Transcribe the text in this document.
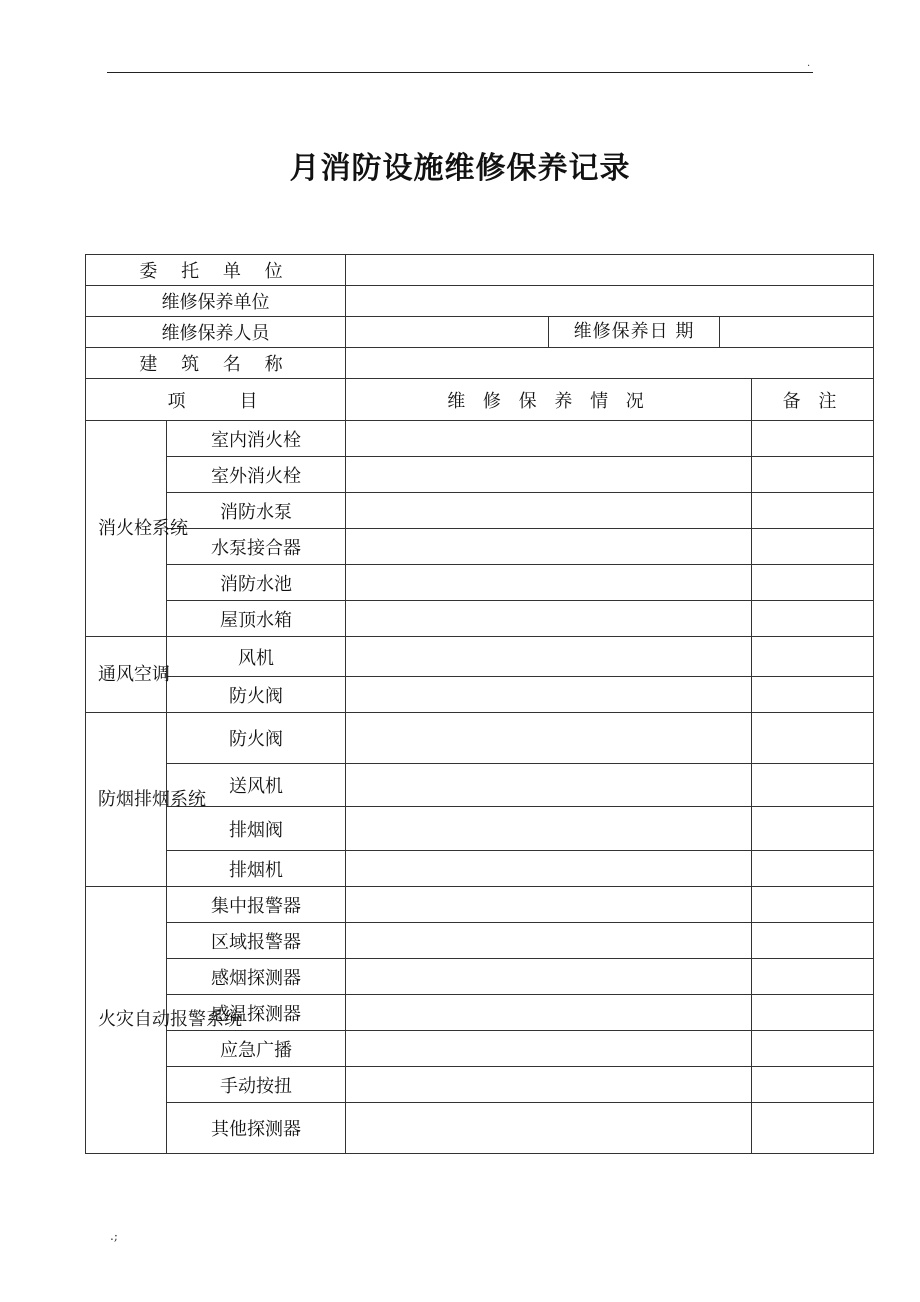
.
月消防设施维修保养记录
委 托 单 位			
维修保养单位			
维修保养人员		维修保养日 期	

建 筑 名 称			
项　　目		维 修 保 养 情 况	备 注
消火栓系统	室内消火栓		
	室外消火栓		
	消防水泵		
	水泵接合器		
	消防水池		
	屋顶水箱		
通风空调	风机		
	防火阀		
防烟排烟系统	防火阀		
	送风机		
	排烟阀		
	排烟机		
火灾自动报警系统	集中报警器		
	区域报警器		
	感烟探测器		
	感温探测器		
	应急广播		
	手动按扭		
	其他探测器		
.;
